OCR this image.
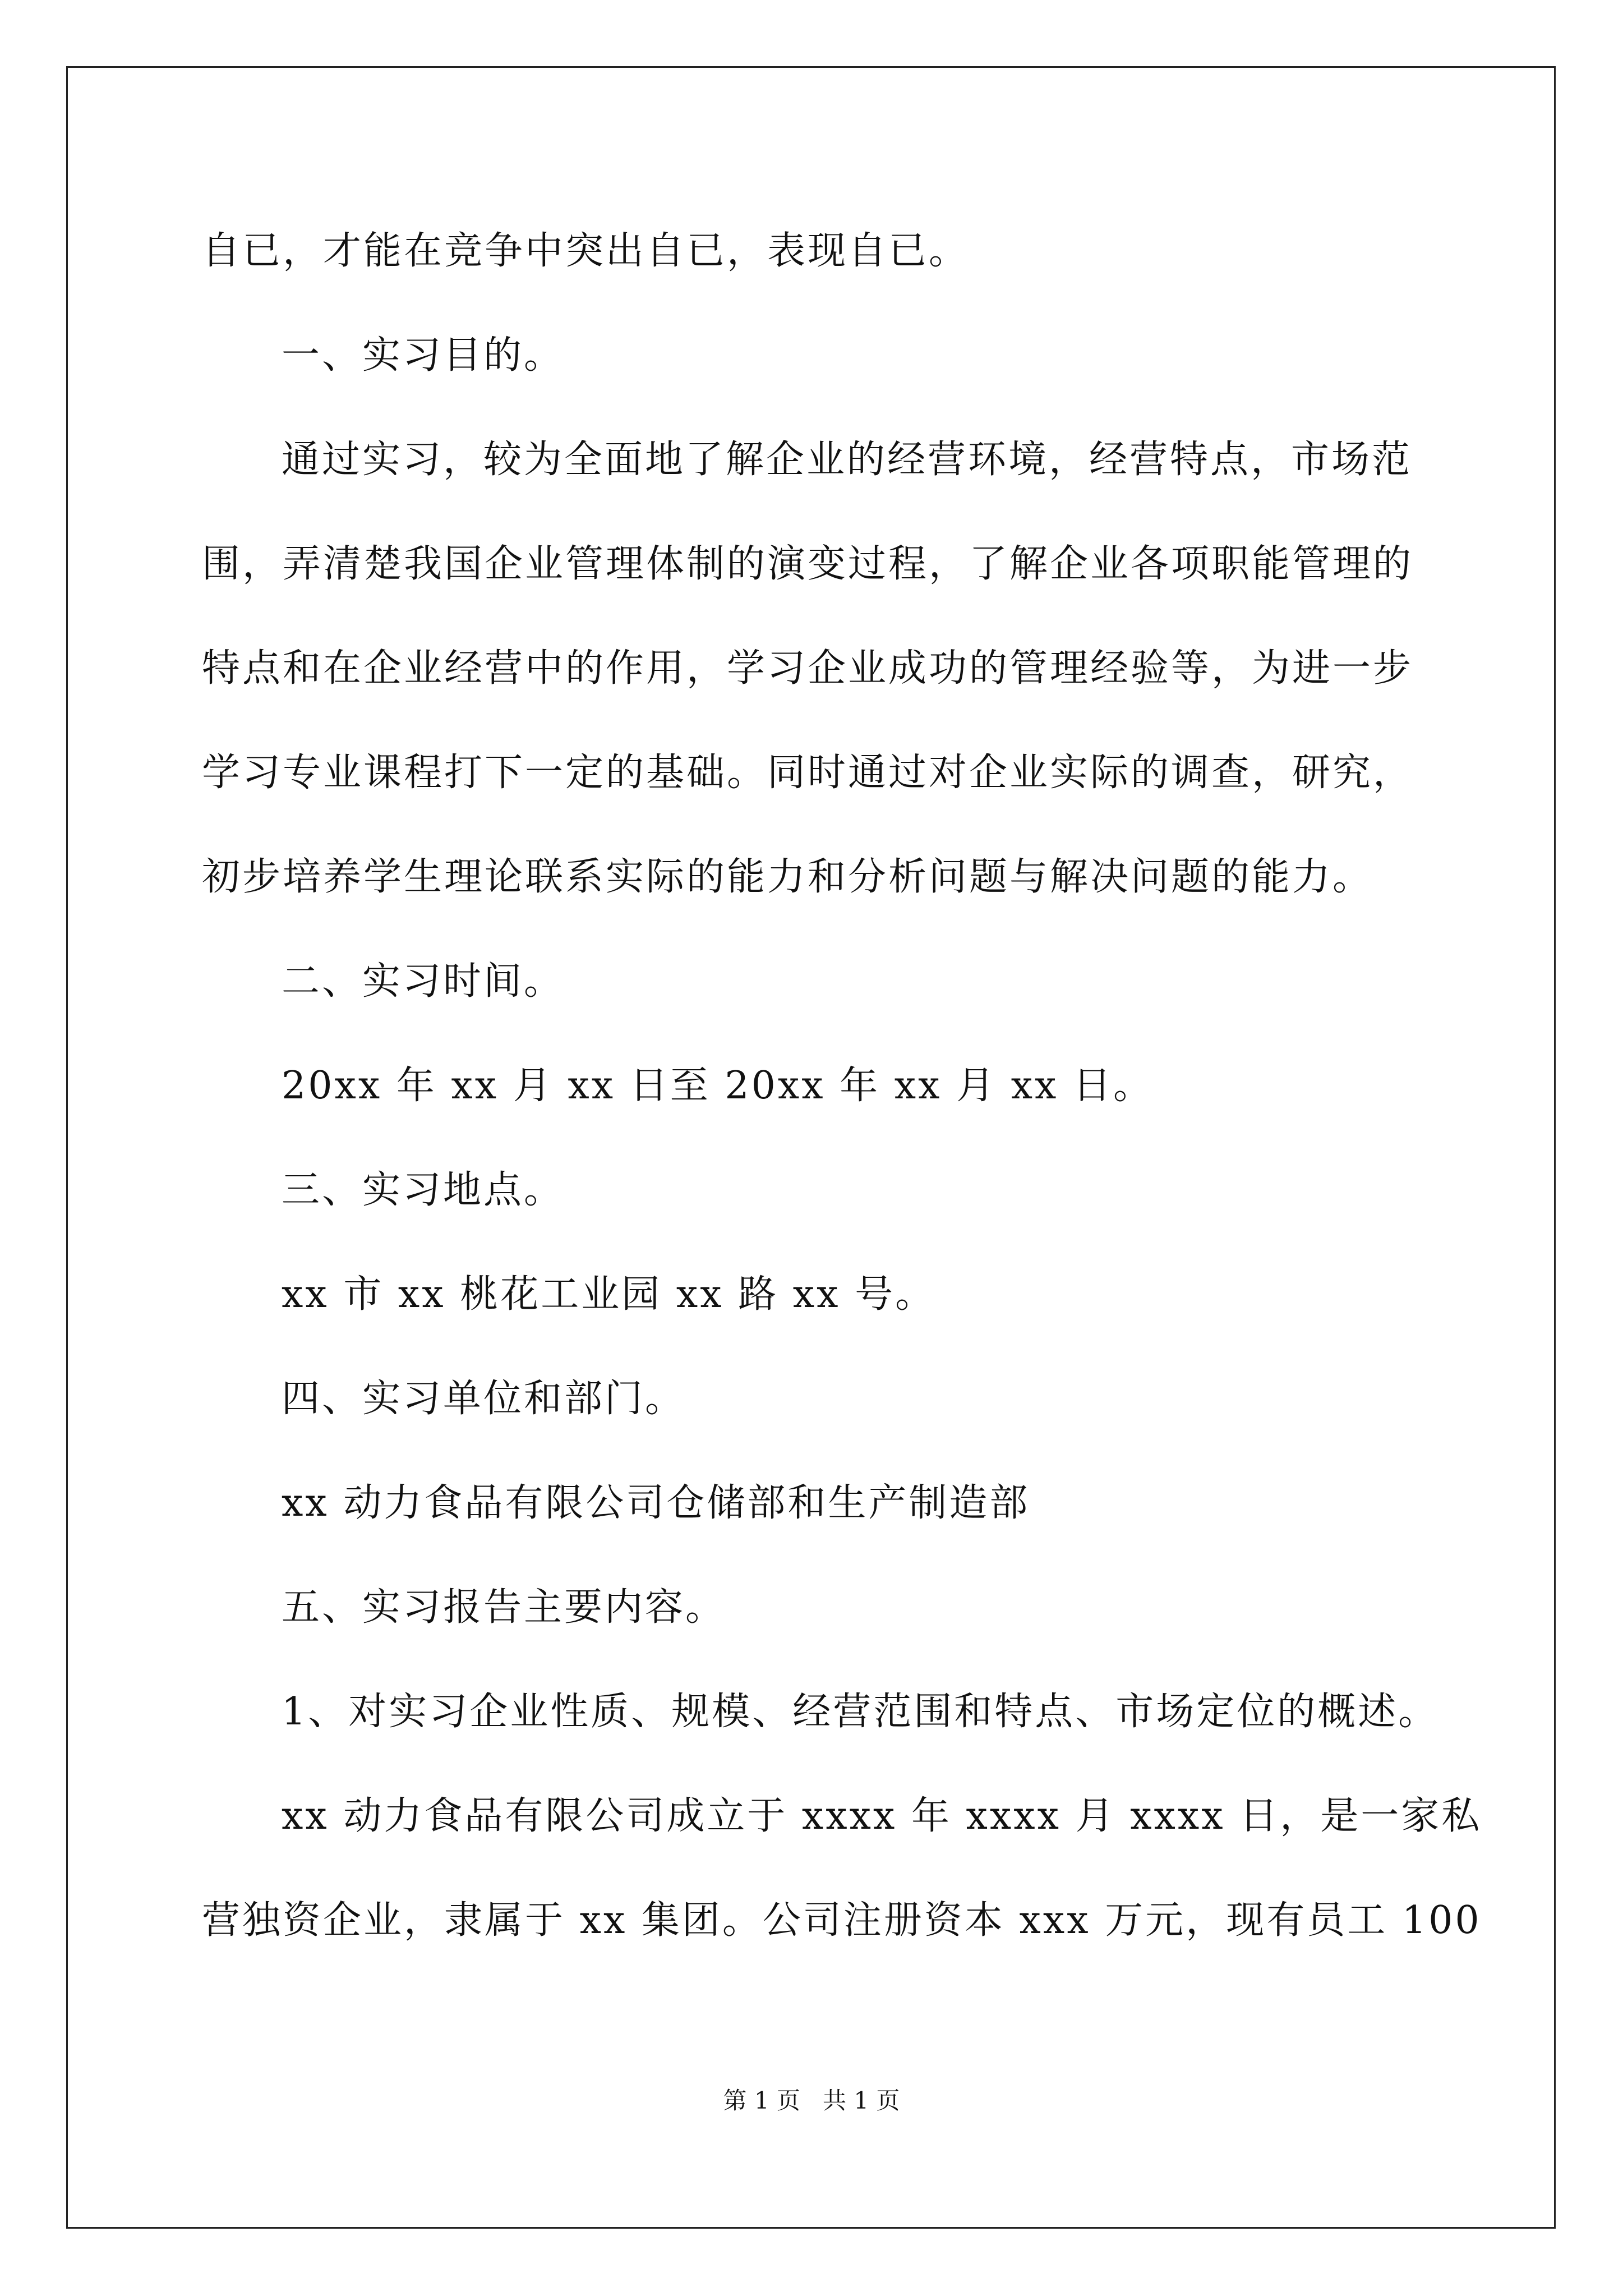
自已，才能在竞争中突出自已，表现自已。

一、实习目的。

通过实习，较为全面地了解企业的经营环境，经营特点，市场范

围，弄清楚我国企业管理体制的演变过程，了解企业各项职能管理的

特点和在企业经营中的作用，学习企业成功的管理经验等，为进一步

学习专业课程打下一定的基础。同时通过对企业实际的调查，研究，

初步培养学生理论联系实际的能力和分析问题与解决问题的能力。

二、实习时间。

20xx 年 xx 月 xx 日至 20xx 年 xx 月 xx 日。

三、实习地点。

xx 市 xx 桃花工业园 xx 路 xx 号。

四、实习单位和部门。

xx 动力食品有限公司仓储部和生产制造部

五、实习报告主要内容。

1、对实习企业性质、规模、经营范围和特点、市场定位的概述。

xx 动力食品有限公司成立于 xxxx 年 xxxx 月 xxxx 日，是一家私

营独资企业，隶属于 xx 集团。公司注册资本 xxx 万元，现有员工 100

第 1 页   共 1 页
